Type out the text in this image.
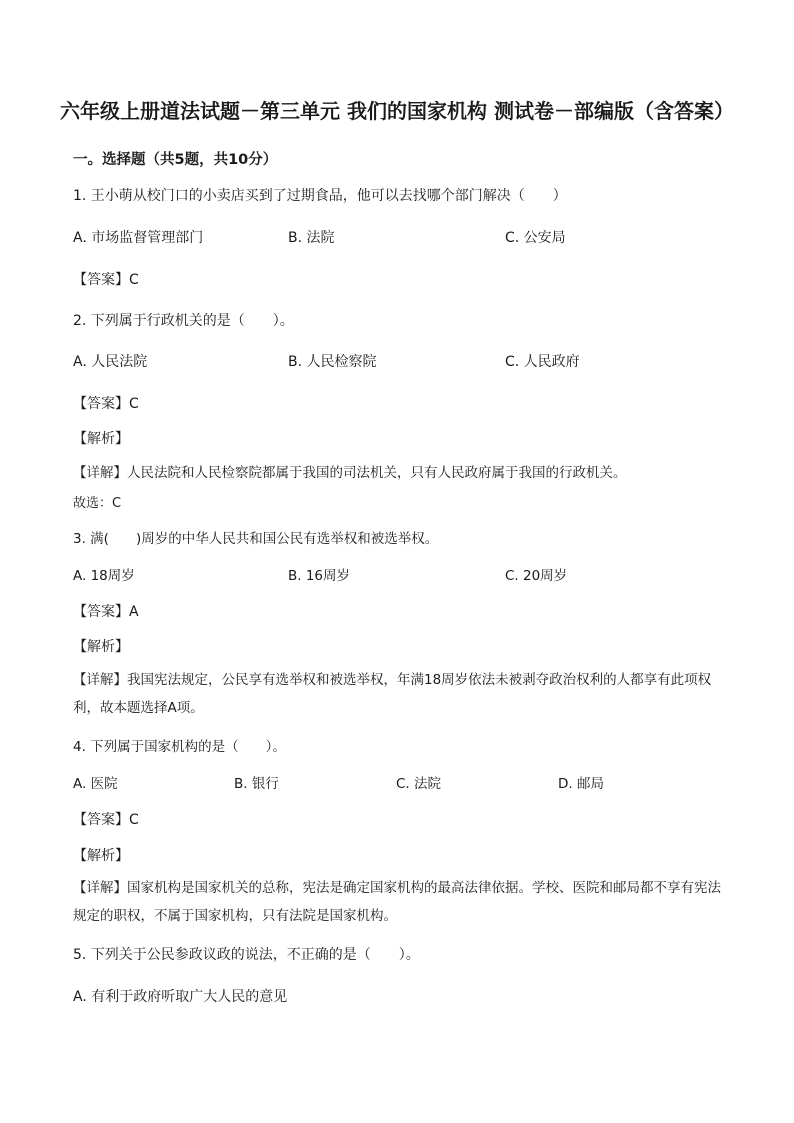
六年级上册道法试题－第三单元 我们的国家机构 测试卷－部编版（含答案）
一。选择题（共5题，共10分）
1. 王小萌从校门口的小卖店买到了过期食品，他可以去找哪个部门解决（　　）
A. 市场监督管理部门	B. 法院	C. 公安局
【答案】C
2. 下列属于行政机关的是（　　）。
A. 人民法院	B. 人民检察院	C. 人民政府
【答案】C
【解析】
【详解】人民法院和人民检察院都属于我国的司法机关，只有人民政府属于我国的行政机关。
故选：C
3. 满(　　)周岁的中华人民共和国公民有选举权和被选举权。
A. 18周岁	B. 16周岁	C. 20周岁
【答案】A
【解析】
【详解】我国宪法规定，公民享有选举权和被选举权，年满18周岁依法未被剥夺政治权利的人都享有此项权利，故本题选择A项。
4. 下列属于国家机构的是（　　）。
A. 医院	B. 银行	C. 法院	D. 邮局
【答案】C
【解析】
【详解】国家机构是国家机关的总称，宪法是确定国家机构的最高法律依据。学校、医院和邮局都不享有宪法规定的职权，不属于国家机构，只有法院是国家机构。
5. 下列关于公民参政议政的说法，不正确的是（　　）。
A. 有利于政府听取广大人民的意见
